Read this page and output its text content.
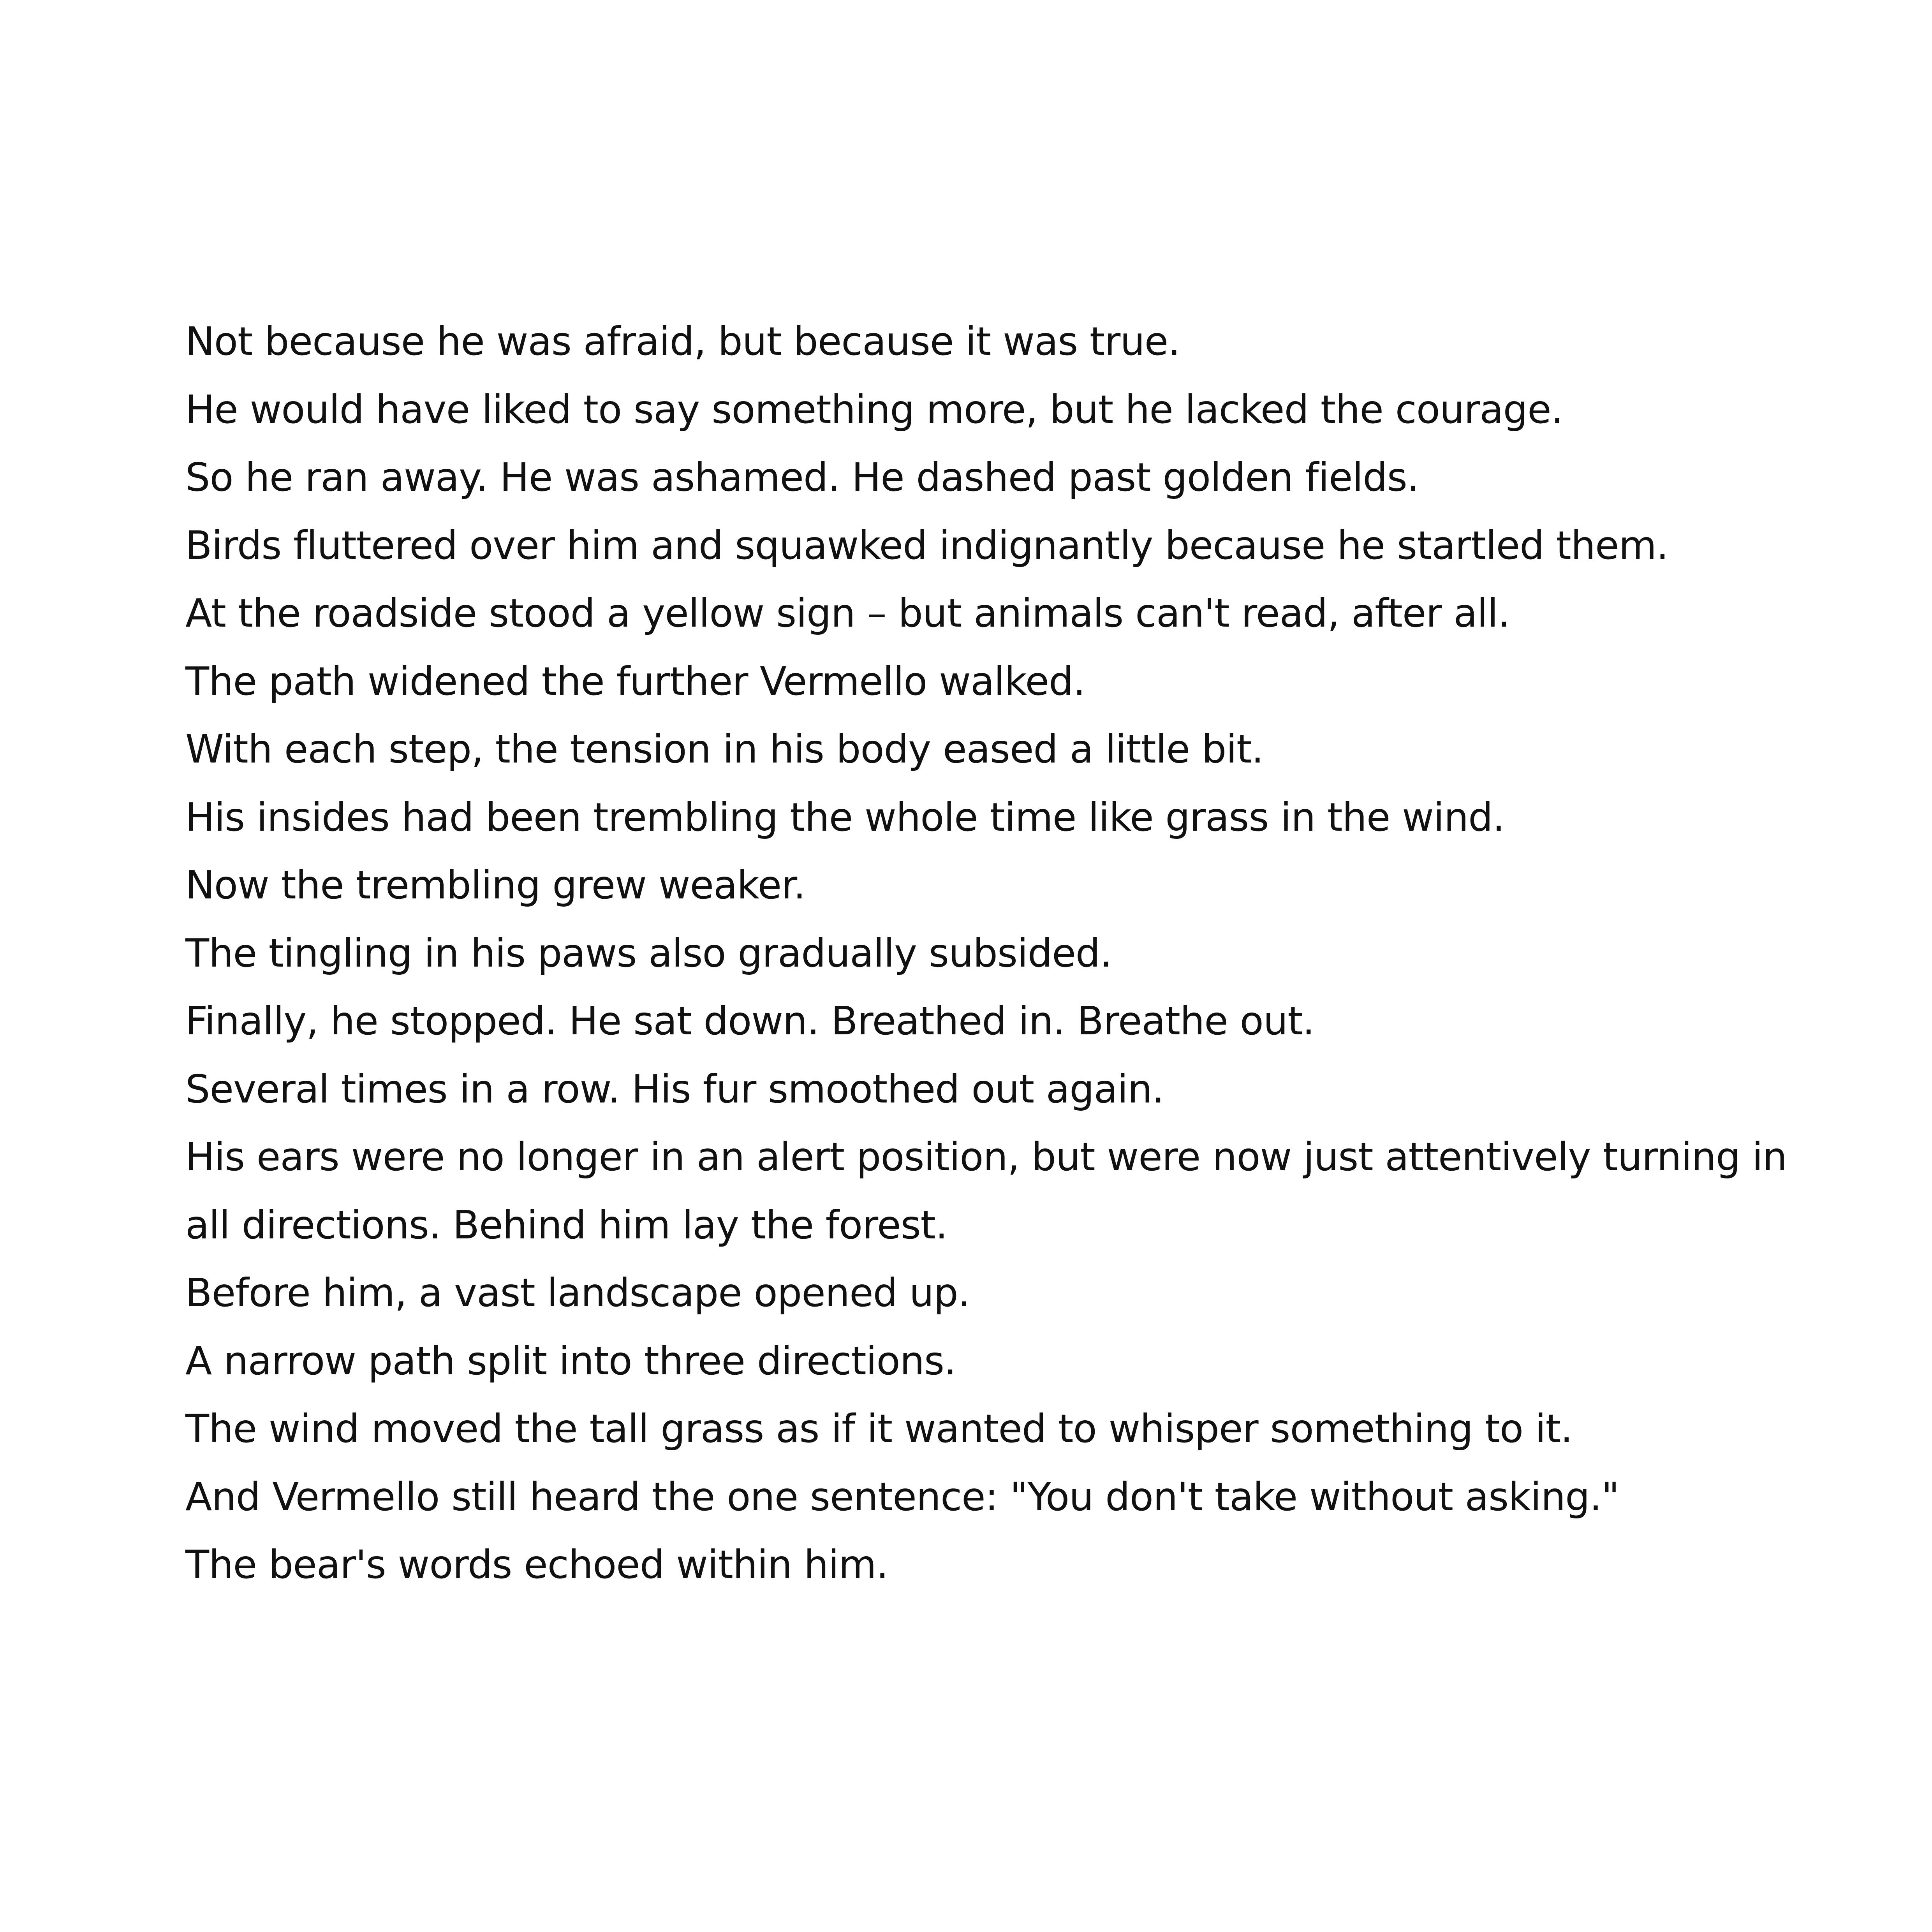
Not because he was afraid, but because it was true.
He would have liked to say something more, but he lacked the courage.
So he ran away. He was ashamed. He dashed past golden fields.
Birds fluttered over him and squawked indignantly because he startled them.
At the roadside stood a yellow sign – but animals can't read, after all.
The path widened the further Vermello walked.
With each step, the tension in his body eased a little bit.
His insides had been trembling the whole time like grass in the wind.
Now the trembling grew weaker.
The tingling in his paws also gradually subsided.
Finally, he stopped. He sat down. Breathed in. Breathe out.
Several times in a row. His fur smoothed out again.
His ears were no longer in an alert position, but were now just attentively turning in
all directions. Behind him lay the forest.
Before him, a vast landscape opened up.
A narrow path split into three directions.
The wind moved the tall grass as if it wanted to whisper something to it.
And Vermello still heard the one sentence: "You don't take without asking."
The bear's words echoed within him.
